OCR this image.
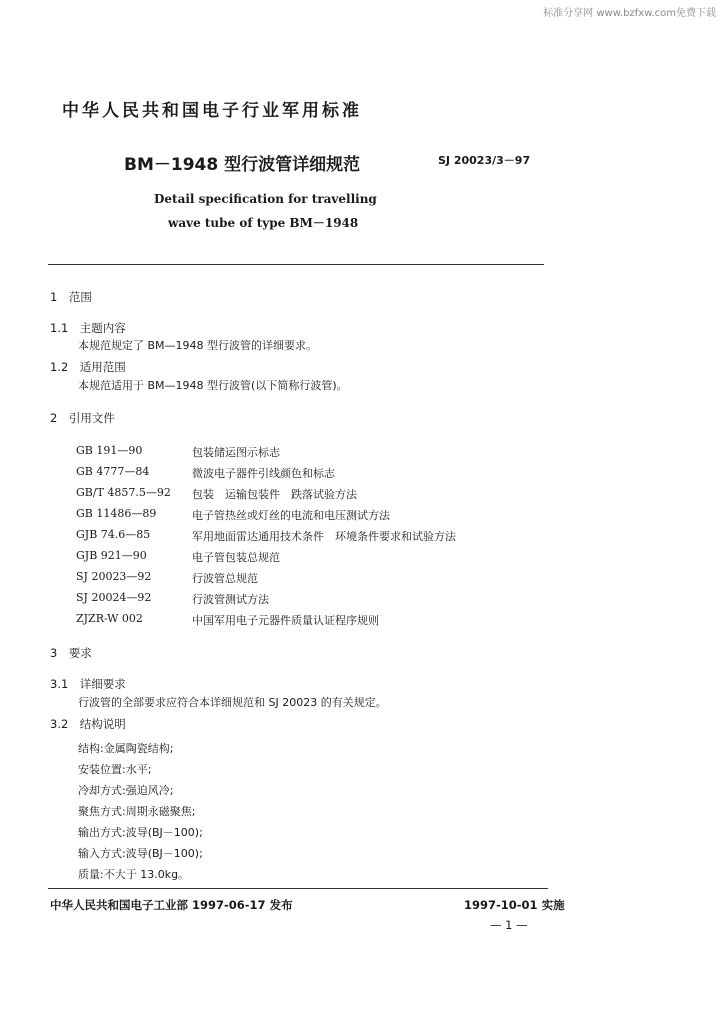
标准分享网 www.bzfxw.com免费下载
中华人民共和国电子行业军用标准
BM－1948 型行波管详细规范	SJ 20023/3－97
Detail specification for travelling
wave tube of type BM－1948
1　范围
1.1　主题内容
本规范规定了 BM—1948 型行波管的详细要求。
1.2　适用范围
本规范适用于 BM—1948 型行波管(以下简称行波管)。
2　引用文件
GB 191—90	包装储运图示标志
GB 4777—84	微波电子器件引线颜色和标志
GB/T 4857.5—92 包装　运输包装件　跌落试验方法
GB 11486—89	电子管热丝或灯丝的电流和电压测试方法
GJB 74.6—85	军用地面雷达通用技术条件　环境条件要求和试验方法
GJB 921—90	电子管包装总规范
SJ 20023—92	行波管总规范
SJ 20024—92	行波管测试方法
ZJZR-W 002	中国军用电子元器件质量认证程序规则
3　要求
3.1　详细要求
行波管的全部要求应符合本详细规范和 SJ 20023 的有关规定。
3.2　结构说明
结构:金属陶瓷结构;
安装位置:水平;
冷却方式:强迫风冷;
聚焦方式:周期永磁聚焦;
输出方式:波导(BJ－100);
输入方式:波导(BJ－100);
质量:不大于 13.0kg。
中华人民共和国电子工业部 1997-06-17 发布	1997-10-01 实施
— 1 —
